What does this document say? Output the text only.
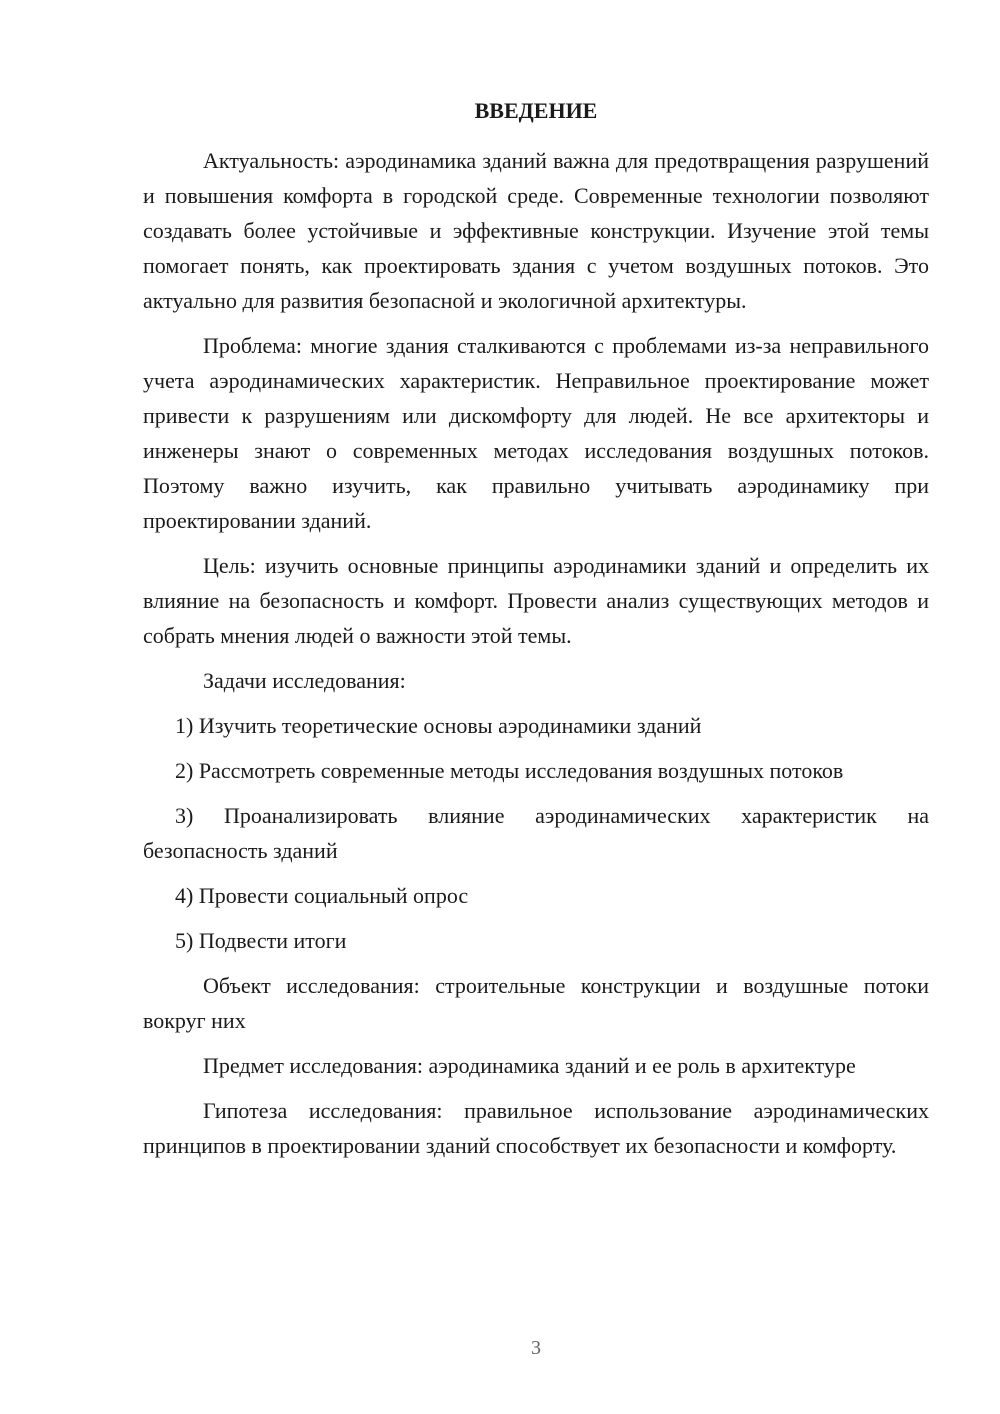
ВВЕДЕНИЕ

Актуальность: аэродинамика зданий важна для предотвращения разрушений и повышения комфорта в городской среде. Современные технологии позволяют создавать более устойчивые и эффективные конструкции. Изучение этой темы помогает понять, как проектировать здания с учетом воздушных потоков. Это актуально для развития безопасной и экологичной архитектуры.

Проблема: многие здания сталкиваются с проблемами из-за неправильного учета аэродинамических характеристик. Неправильное проектирование может привести к разрушениям или дискомфорту для людей. Не все архитекторы и инженеры знают о современных методах исследования воздушных потоков. Поэтому важно изучить, как правильно учитывать аэродинамику при проектировании зданий.

Цель: изучить основные принципы аэродинамики зданий и определить их влияние на безопасность и комфорт. Провести анализ существующих методов и собрать мнения людей о важности этой темы.

Задачи исследования:

1) Изучить теоретические основы аэродинамики зданий

2) Рассмотреть современные методы исследования воздушных потоков

3) Проанализировать влияние аэродинамических характеристик на безопасность зданий

4) Провести социальный опрос

5) Подвести итоги

Объект исследования: строительные конструкции и воздушные потоки вокруг них

Предмет исследования: аэродинамика зданий и ее роль в архитектуре

Гипотеза исследования: правильное использование аэродинамических принципов в проектировании зданий способствует их безопасности и комфорту.

3
